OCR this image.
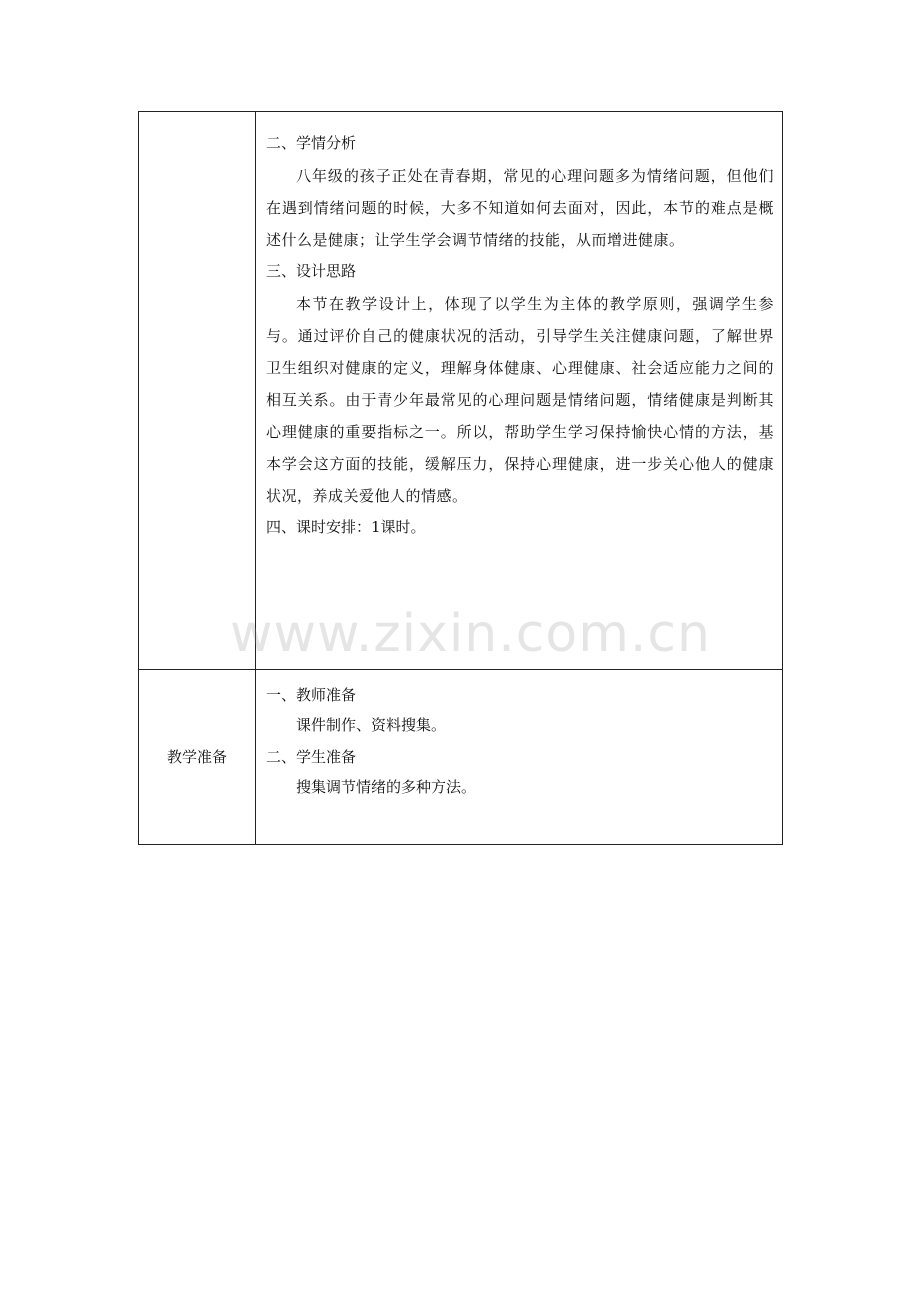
	二、学情分析

八年级的孩子正处在青春期，常见的心理问题多为情绪问题，但他们在遇到情绪问题的时候，大多不知道如何去面对，因此，本节的难点是概述什么是健康；让学生学会调节情绪的技能，从而增进健康。

三、设计思路

本节在教学设计上，体现了以学生为主体的教学原则，强调学生参与。通过评价自己的健康状况的活动，引导学生关注健康问题，了解世界卫生组织对健康的定义，理解身体健康、心理健康、社会适应能力之间的相互关系。由于青少年最常见的心理问题是情绪问题，情绪健康是判断其心理健康的重要指标之一。所以，帮助学生学习保持愉快心情的方法，基本学会这方面的技能，缓解压力，保持心理健康，进一步关心他人的健康状况，养成关爱他人的情感。

四、课时安排：1课时。

教学准备	一、教师准备

课件制作、资料搜集。

二、学生准备

搜集调节情绪的多种方法。

www.zixin.com.cn
